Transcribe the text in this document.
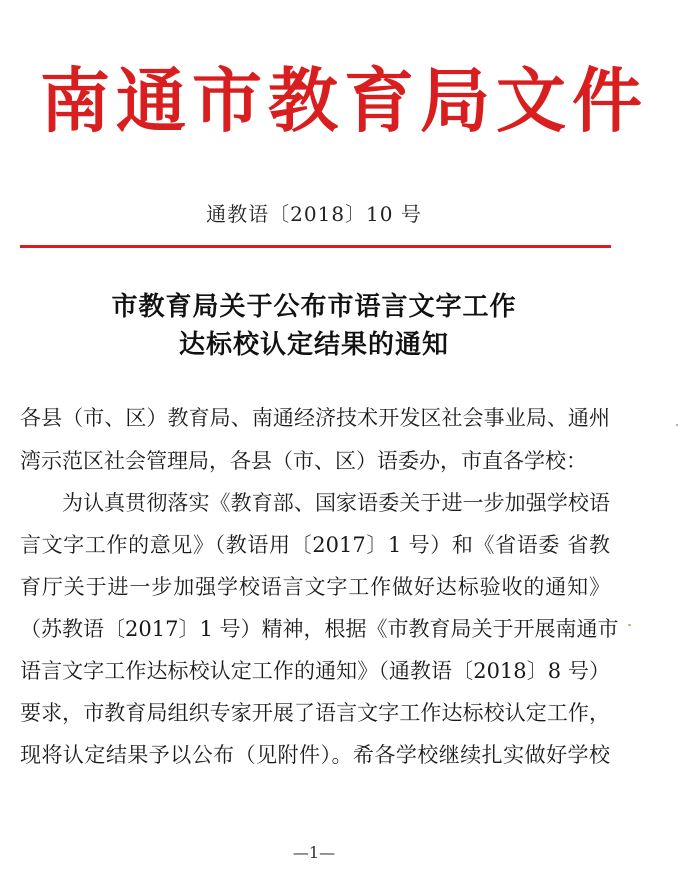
南通市教育局文件
通教语〔2018〕10 号
市教育局关于公布市语言文字工作
达标校认定结果的通知
各县（市、区）教育局、南通经济技术开发区社会事业局、通州
湾示范区社会管理局，各县（市、区）语委办，市直各学校：
为认真贯彻落实《教育部、国家语委关于进一步加强学校语
言文字工作的意见》（教语用〔2017〕1 号）和《省语委 省教
育厅关于进一步加强学校语言文字工作做好达标验收的通知》
（苏教语〔2017〕1 号）精神，根据《市教育局关于开展南通市
语言文字工作达标校认定工作的通知》（通教语〔2018〕8 号）
要求，市教育局组织专家开展了语言文字工作达标校认定工作，
现将认定结果予以公布（见附件）。希各学校继续扎实做好学校
—1—
